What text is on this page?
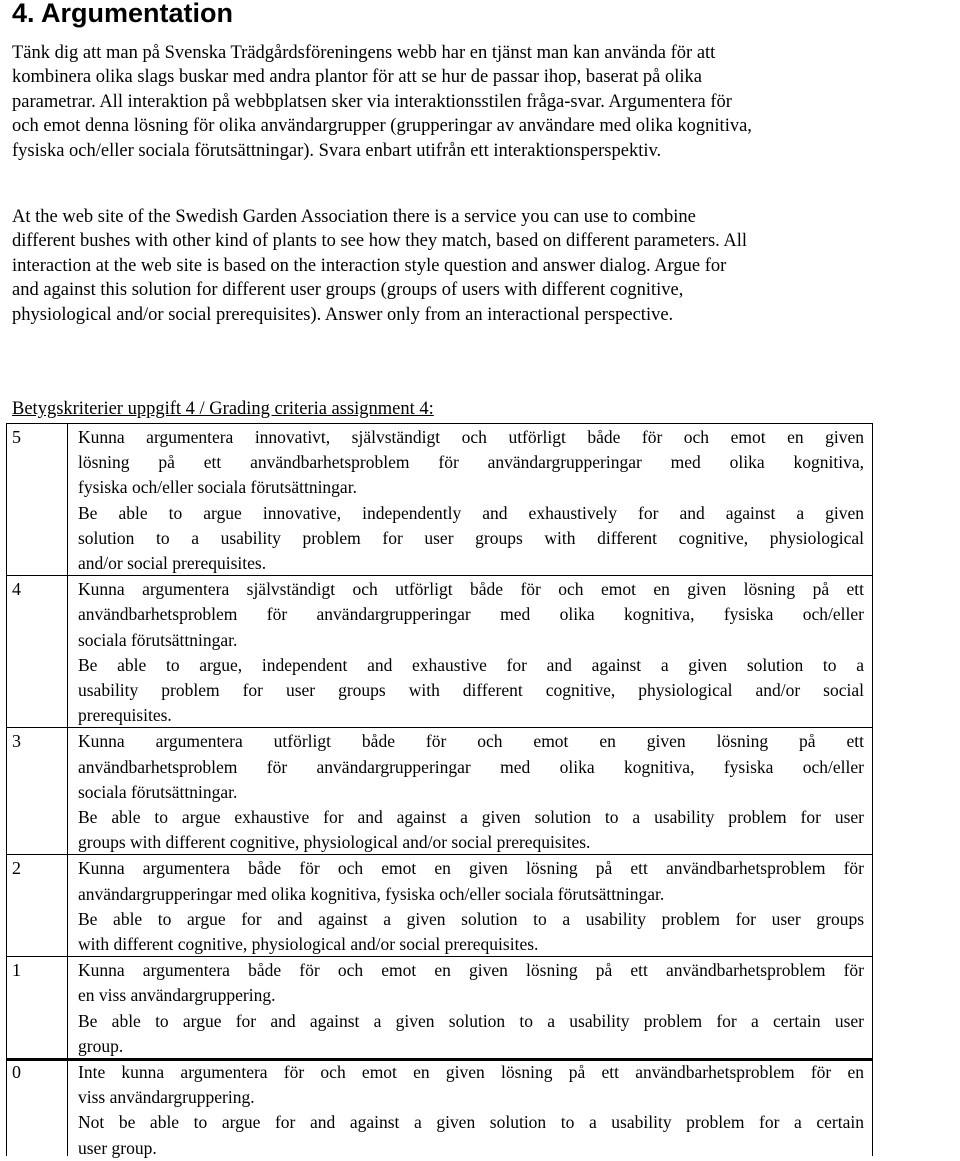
4. Argumentation

Tänk dig att man på Svenska Trädgårdsföreningens webb har en tjänst man kan använda för att
kombinera olika slags buskar med andra plantor för att se hur de passar ihop, baserat på olika
parametrar. All interaktion på webbplatsen sker via interaktionsstilen fråga-svar. Argumentera för
och emot denna lösning för olika användargrupper (grupperingar av användare med olika kognitiva,
fysiska och/eller sociala förutsättningar). Svara enbart utifrån ett interaktionsperspektiv.

At the web site of the Swedish Garden Association there is a service you can use to combine
different bushes with other kind of plants to see how they match, based on different parameters. All
interaction at the web site is based on the interaction style question and answer dialog. Argue for
and against this solution for different user groups (groups of users with different cognitive,
physiological and/or social prerequisites). Answer only from an interactional perspective.

Betygskriterier uppgift 4 / Grading criteria assignment 4:

5	Kunna argumentera innovativt, självständigt och utförligt både för och emot en given
lösning på ett användbarhetsproblem för användargrupperingar med olika kognitiva,
fysiska och/eller sociala förutsättningar.
Be able to argue innovative, independently and exhaustively for and against a given
solution to a usability problem for user groups with different cognitive, physiological
and/or social prerequisites.
4	Kunna argumentera självständigt och utförligt både för och emot en given lösning på ett
användbarhetsproblem för användargrupperingar med olika kognitiva, fysiska och/eller
sociala förutsättningar.
Be able to argue, independent and exhaustive for and against a given solution to a
usability problem for user groups with different cognitive, physiological and/or social
prerequisites.
3	Kunna argumentera utförligt både för och emot en given lösning på ett
användbarhetsproblem för användargrupperingar med olika kognitiva, fysiska och/eller
sociala förutsättningar.
Be able to argue exhaustive for and against a given solution to a usability problem for user
groups with different cognitive, physiological and/or social prerequisites.
2	Kunna argumentera både för och emot en given lösning på ett användbarhetsproblem för
användargrupperingar med olika kognitiva, fysiska och/eller sociala förutsättningar.
Be able to argue for and against a given solution to a usability problem for user groups
with different cognitive, physiological and/or social prerequisites.
1	Kunna argumentera både för och emot en given lösning på ett användbarhetsproblem för
en viss användargruppering.
Be able to argue for and against a given solution to a usability problem for a certain user
group.
0	Inte kunna argumentera för och emot en given lösning på ett användbarhetsproblem för en
viss användargruppering.
Not be able to argue for and against a given solution to a usability problem for a certain
user group.
